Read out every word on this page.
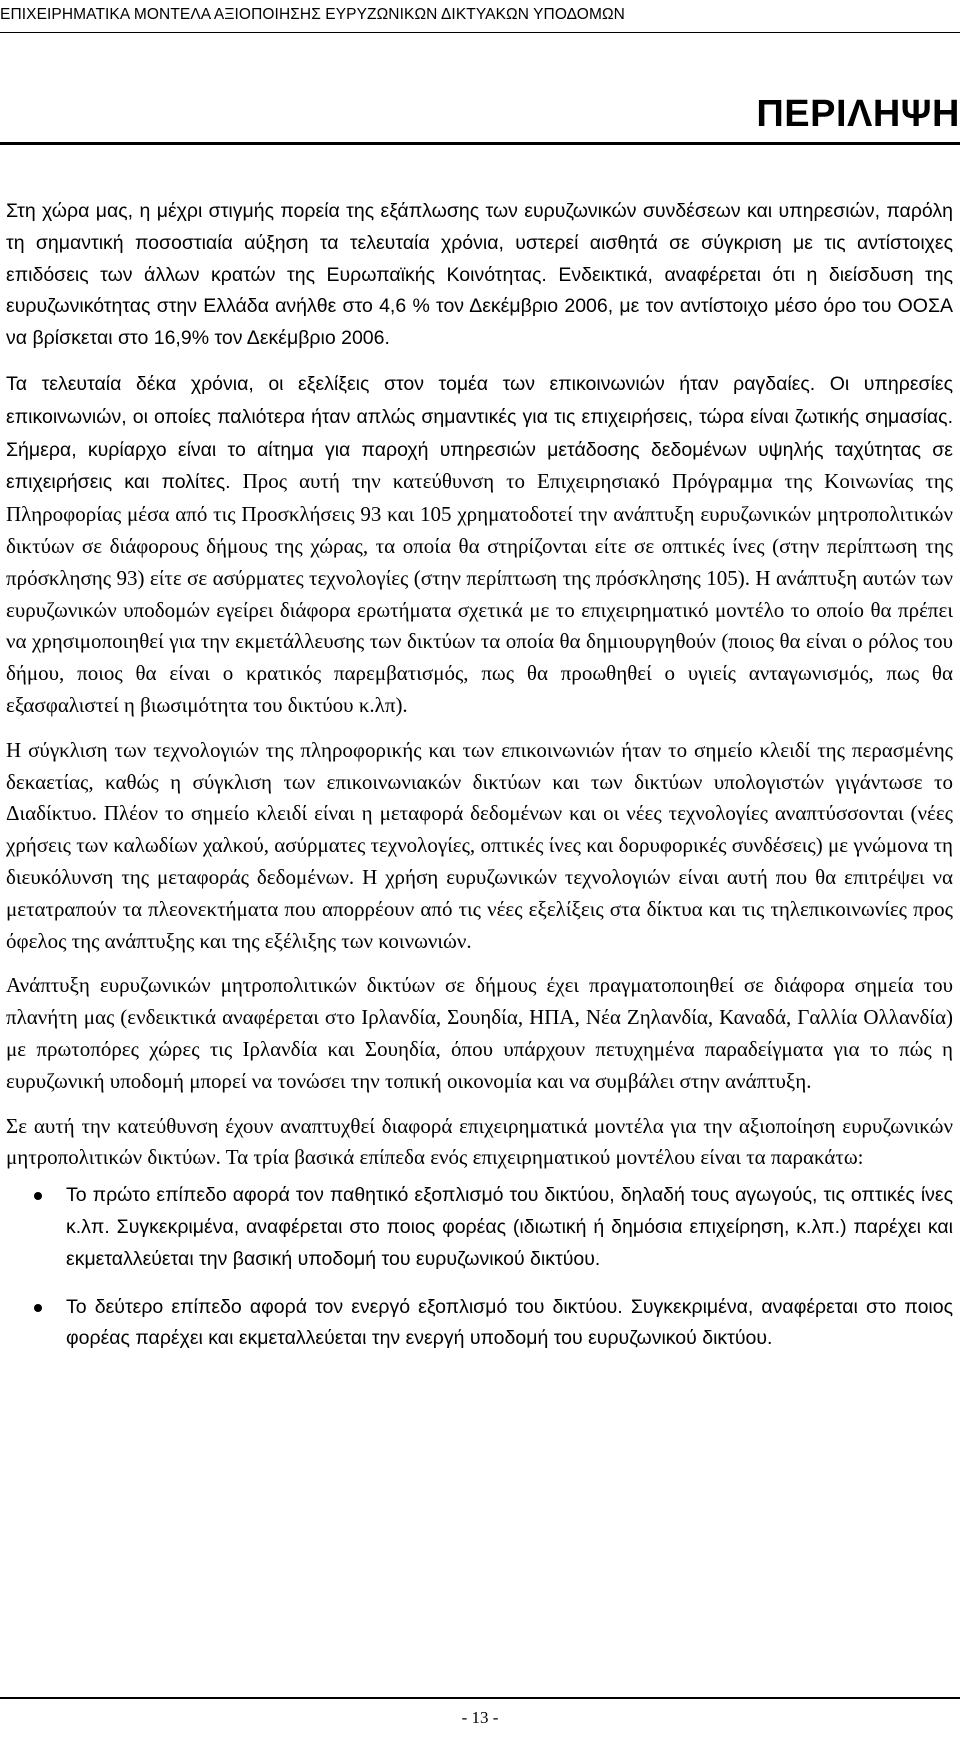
ΕΠΙΧΕΙΡΗΜΑΤΙΚΑ ΜΟΝΤΕΛΑ ΑΞΙΟΠΟΙΗΣΗΣ ΕΥΡΥΖΩΝΙΚΩΝ ΔΙΚΤΥΑΚΩΝ ΥΠΟΔΟΜΩΝ
ΠΕΡΙΛΗΨΗ

Στη χώρα μας, η μέχρι στιγμής πορεία της εξάπλωσης των ευρυζωνικών συνδέσεων και υπηρεσιών, παρόλη τη σημαντική ποσοστιαία αύξηση τα τελευταία χρόνια, υστερεί αισθητά σε σύγκριση με τις αντίστοιχες επιδόσεις των άλλων κρατών της Ευρωπαϊκής Κοινότητας. Ενδεικτικά, αναφέρεται ότι η διείσδυση της ευρυζωνικότητας στην Ελλάδα ανήλθε στο 4,6 % τον Δεκέμβριο 2006, με τον αντίστοιχο μέσο όρο του ΟΟΣΑ να βρίσκεται στο 16,9% τον Δεκέμβριο 2006.

Τα τελευταία δέκα χρόνια, οι εξελίξεις στον τομέα των επικοινωνιών ήταν ραγδαίες. Οι υπηρεσίες επικοινωνιών, οι οποίες παλιότερα ήταν απλώς σημαντικές για τις επιχειρήσεις, τώρα είναι ζωτικής σημασίας. Σήμερα, κυρίαρχο είναι το αίτημα για παροχή υπηρεσιών μετάδοσης δεδομένων υψηλής ταχύτητας σε επιχειρήσεις και πολίτες. Προς αυτή την κατεύθυνση το Επιχειρησιακό Πρόγραμμα της Κοινωνίας της Πληροφορίας μέσα από τις Προσκλήσεις 93 και 105 χρηματοδοτεί την ανάπτυξη ευρυζωνικών μητροπολιτικών δικτύων σε διάφορους δήμους της χώρας, τα οποία θα στηρίζονται είτε σε οπτικές ίνες (στην περίπτωση της πρόσκλησης 93) είτε σε ασύρματες τεχνολογίες (στην περίπτωση της πρόσκλησης 105). Η ανάπτυξη αυτών των ευρυζωνικών υποδομών εγείρει διάφορα ερωτήματα σχετικά με το επιχειρηματικό μοντέλο το οποίο θα πρέπει να χρησιμοποιηθεί για την εκμετάλλευσης των δικτύων τα οποία θα δημιουργηθούν (ποιος θα είναι ο ρόλος του δήμου, ποιος θα είναι ο κρατικός παρεμβατισμός, πως θα προωθηθεί ο υγιείς ανταγωνισμός, πως θα εξασφαλιστεί η βιωσιμότητα του δικτύου κ.λπ).

Η σύγκλιση των τεχνολογιών της πληροφορικής και των επικοινωνιών ήταν το σημείο κλειδί της περασμένης δεκαετίας, καθώς η σύγκλιση των επικοινωνιακών δικτύων και των δικτύων υπολογιστών γιγάντωσε το Διαδίκτυο. Πλέον το σημείο κλειδί είναι η μεταφορά δεδομένων και οι νέες τεχνολογίες αναπτύσσονται (νέες χρήσεις των καλωδίων χαλκού, ασύρματες τεχνολογίες, οπτικές ίνες και δορυφορικές συνδέσεις) με γνώμονα τη διευκόλυνση της μεταφοράς δεδομένων. Η χρήση ευρυζωνικών τεχνολογιών είναι αυτή που θα επιτρέψει να μετατραπούν τα πλεονεκτήματα που απορρέουν από τις νέες εξελίξεις στα δίκτυα και τις τηλεπικοινωνίες προς όφελος της ανάπτυξης και της εξέλιξης των κοινωνιών.

Ανάπτυξη ευρυζωνικών μητροπολιτικών δικτύων σε δήμους έχει πραγματοποιηθεί σε διάφορα σημεία του πλανήτη μας (ενδεικτικά αναφέρεται στο Ιρλανδία, Σουηδία, ΗΠΑ, Νέα Ζηλανδία, Καναδά, Γαλλία Ολλανδία) με πρωτοπόρες χώρες τις Ιρλανδία και Σουηδία, όπου υπάρχουν πετυχημένα παραδείγματα για το πώς η ευρυζωνική υποδομή μπορεί να τονώσει την τοπική οικονομία και να συμβάλει στην ανάπτυξη.

Σε αυτή την κατεύθυνση έχουν αναπτυχθεί διαφορά επιχειρηματικά μοντέλα για την αξιοποίηση ευρυζωνικών μητροπολιτικών δικτύων. Τα τρία βασικά επίπεδα ενός επιχειρηματικού μοντέλου είναι τα παρακάτω:

Το πρώτο επίπεδο αφορά τον παθητικό εξοπλισμό του δικτύου, δηλαδή τους αγωγούς, τις οπτικές ίνες κ.λπ. Συγκεκριμένα, αναφέρεται στο ποιος φορέας (ιδιωτική ή δημόσια επιχείρηση, κ.λπ.) παρέχει και εκμεταλλεύεται την βασική υποδομή του ευρυζωνικού δικτύου.
Το δεύτερο επίπεδο αφορά τον ενεργό εξοπλισμό του δικτύου. Συγκεκριμένα, αναφέρεται στο ποιος φορέας παρέχει και εκμεταλλεύεται την ενεργή υποδομή του ευρυζωνικού δικτύου.
- 13 -
